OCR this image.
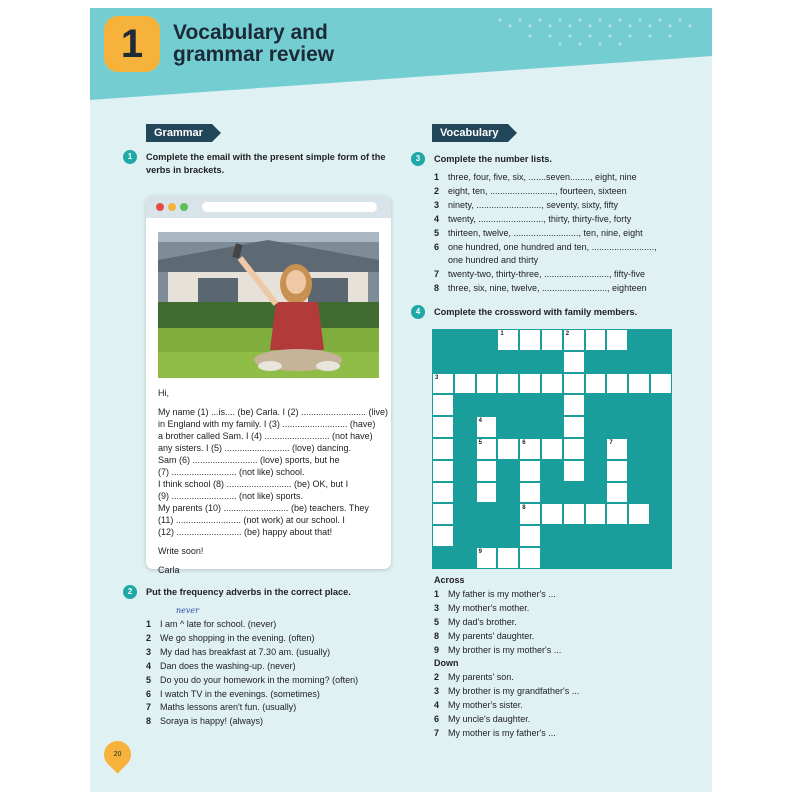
1 Vocabulary and
grammar review
Grammar
1	Complete the email with the present simple form of the
verbs in brackets.
Hi,
My name (1) ...is.... (be) Carla. I (2) .......................... (live)
in England with my family. I (3) .......................... (have)
a brother called Sam. I (4) .......................... (not have)
any sisters. I (5) .......................... (love) dancing.
Sam (6) .......................... (love) sports, but he
(7) .......................... (not like) school.
I think school (8) .......................... (be) OK, but I
(9) .......................... (not like) sports.
My parents (10) .......................... (be) teachers. They
(11) .......................... (not work) at our school. I
(12) .......................... (be) happy about that!
Write soon!
Carla
2	Put the frequency adverbs in the correct place.
never
1 I am ^ late for school. (never)
2 We go shopping in the evening. (often)
3 My dad has breakfast at 7.30 am. (usually)
4 Dan does the washing-up. (never)
5 Do you do your homework in the morning? (often)
6 I watch TV in the evenings. (sometimes)
7 Maths lessons aren't fun. (usually)
8 Soraya is happy! (always)
Vocabulary
3	Complete the number lists.
1 three, four, five, six, .......seven........, eight, nine
2 eight, ten, .........................., fourteen, sixteen
3 ninety, .........................., seventy, sixty, fifty
4 twenty, .........................., thirty, thirty-five, forty
5 thirteen, twelve, .........................., ten, nine, eight
6 one hundred, one hundred and ten, .........................,
one hundred and thirty
7 twenty-two, thirty-three, .........................., fifty-five
8 three, six, nine, twelve, .........................., eighteen
4	Complete the crossword with family members.
1	2
3
4
5	6
8
7
9
Across
1 My father is my mother's ...
3 My mother's mother.
5 My dad's brother.
8 My parents' daughter.
9 My brother is my mother's ...
Down
2 My parents' son.
3 My brother is my grandfather's ...
4 My mother's sister.
6 My uncle's daughter.
7 My mother is my father's ...
20
